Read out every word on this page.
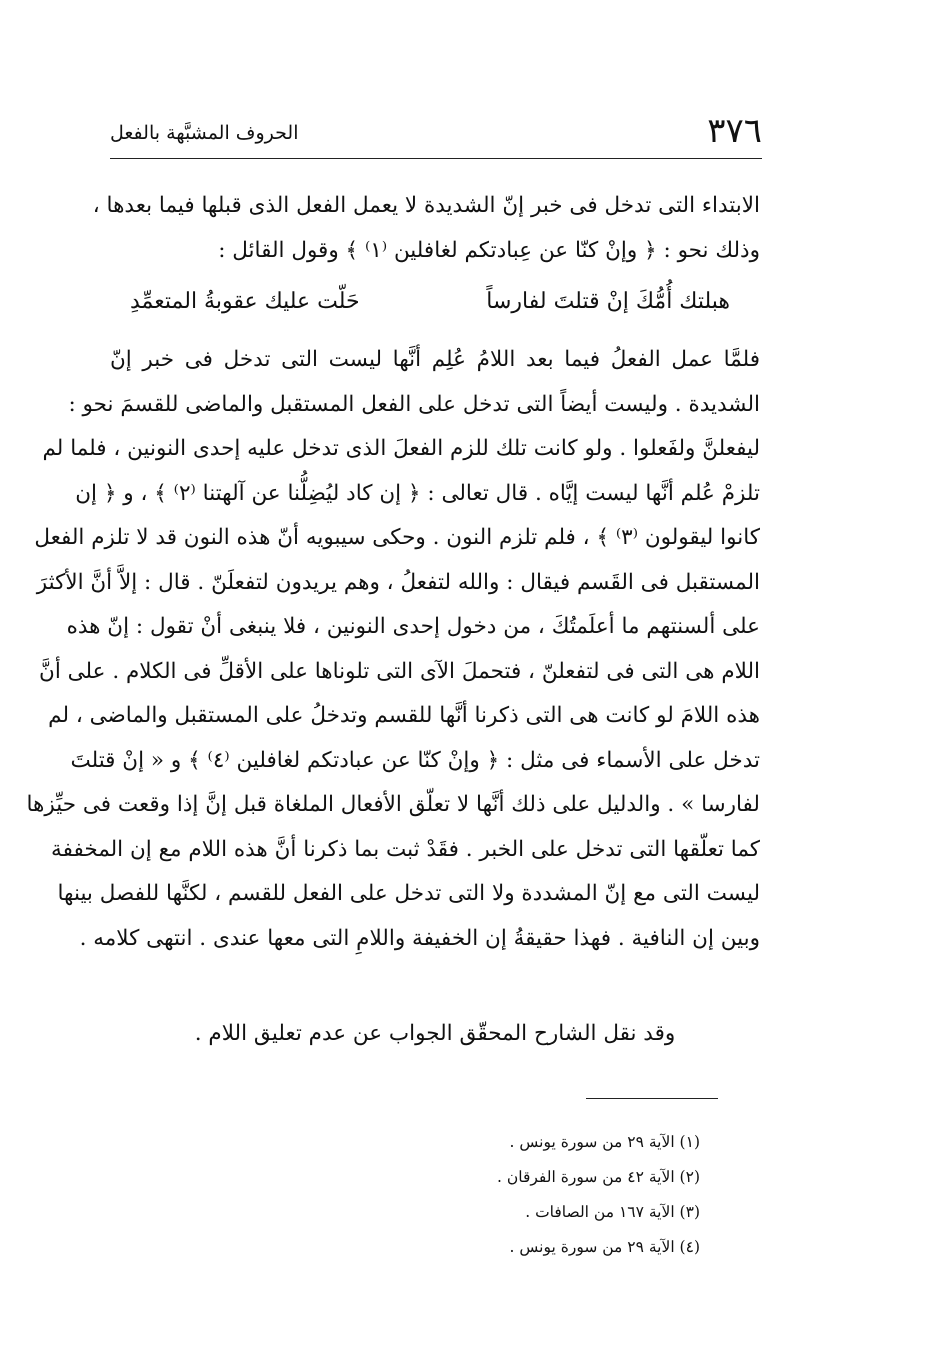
٣٧٦
الحروف المشبَّهة بالفعل
الابتداء التى تدخل فى خبر إنّ الشديدة لا يعمل الفعل الذى قبلها فيما بعدها ،
وذلك نحو : ﴿ وإنْ كنّا عن عِبادتكم لغافلين ⁽١⁾ ﴾ وقول القائل :
هبلتك أُمُّكَ إنْ قتلتَ لفارساً
حَلّت عليك عقوبةُ المتعمِّدِ
فلمَّا عمل الفعلُ فيما بعد اللامُ عُلِم أنَّها ليست التى تدخل فى خبر إنّ
الشديدة . وليست أيضاً التى تدخل على الفعل المستقبل والماضى للقسمَ نحو :
ليفعلنَّ ولفَعلوا . ولو كانت تلك للزم الفعلَ الذى تدخل عليه إحدى النونين ، فلما لم
تلزمْ عُلم أنَّها ليست إيَّاه . قال تعالى : ﴿ إن كاد ليُضِلُّنا عن آلهتنا ⁽٢⁾ ﴾ ، و ﴿ إن
كانوا ليقولون ⁽٣⁾ ﴾ ، فلم تلزم النون . وحكى سيبويه أنّ هذه النون قد لا تلزم الفعل
المستقبل فى القَسم فيقال : والله لتفعلُ ، وهم يريدون لتفعلَنّ . قال : إلاَّ أنَّ الأكثرَ
على ألسنتهم ما أعلَمتُكَ ، من دخول إحدى النونين ، فلا ينبغى أنْ تقول : إنّ هذه
اللام هى التى فى لتفعلنّ ، فتحملَ الآى التى تلوناها على الأقلِّ فى الكلام . على أنَّ
هذه اللامَ لو كانت هى التى ذكرنا أنَّها للقسم وتدخلُ على المستقبل والماضى ، لم
تدخل على الأسماء فى مثل : ﴿ وإنْ كنّا عن عبادتكم لغافلين ⁽٤⁾ ﴾ و « إنْ قتلتَ
لفارسا » . والدليل على ذلك أنَّها لا تعلّق الأفعال الملغاة قبل إنَّ إذا وقعت فى حيِّزها
كما تعلّقها التى تدخل على الخبر . فقَدْ ثبت بما ذكرنا أنَّ هذه اللام مع إن المخففة
ليست التى مع إنّ المشددة ولا التى تدخل على الفعل للقسم ، لكنَّها للفصل بينها
وبين إن النافية . فهذا حقيقةُ إن الخفيفة واللامِ التى معها عندى . انتهى كلامه .
وقد نقل الشارح المحقّق الجواب عن عدم تعليق اللام .
(١) الآية ٢٩ من سورة يونس .
(٢) الآية ٤٢ من سورة الفرقان .
(٣) الآية ١٦٧ من الصافات .
(٤) الآية ٢٩ من سورة يونس .
